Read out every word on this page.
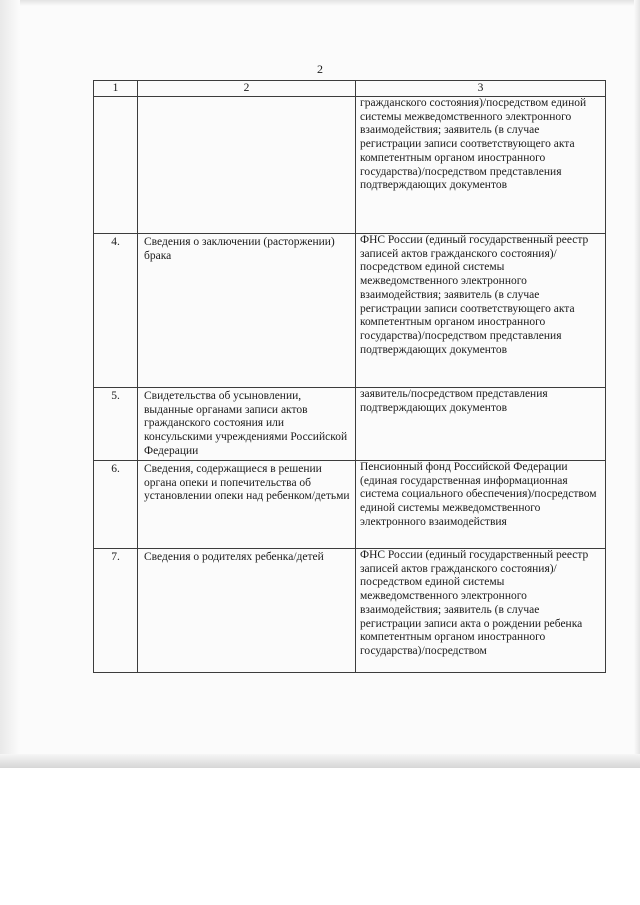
2
1	2	3
		гражданского состояния)/посредством единой системы межведомственного электронного взаимодействия; заявитель (в случае регистрации записи соответствующего акта компетентным органом иностранного государства)/посредством представления подтверждающих документов
4.	Сведения о заключении (расторжении) брака	ФНС России (единый государственный реестр записей актов гражданского состояния)/посредством единой системы межведомственного электронного взаимодействия; заявитель (в случае регистрации записи соответствующего акта компетентным органом иностранного государства)/посредством представления подтверждающих документов
5.	Свидетельства об усыновлении, выданные органами записи актов гражданского состояния или консульскими учреждениями Российской Федерации	заявитель/посредством представления подтверждающих документов
6.	Сведения, содержащиеся в решении органа опеки и попечительства об установлении опеки над ребенком/детьми	Пенсионный фонд Российской Федерации (единая государственная информационная система социального обеспечения)/посредством единой системы межведомственного электронного взаимодействия
7.	Сведения о родителях ребенка/детей	ФНС России (единый государственный реестр записей актов гражданского состояния)/посредством единой системы межведомственного электронного взаимодействия; заявитель (в случае регистрации записи акта о рождении ребенка компетентным органом иностранного государства)/посредством
